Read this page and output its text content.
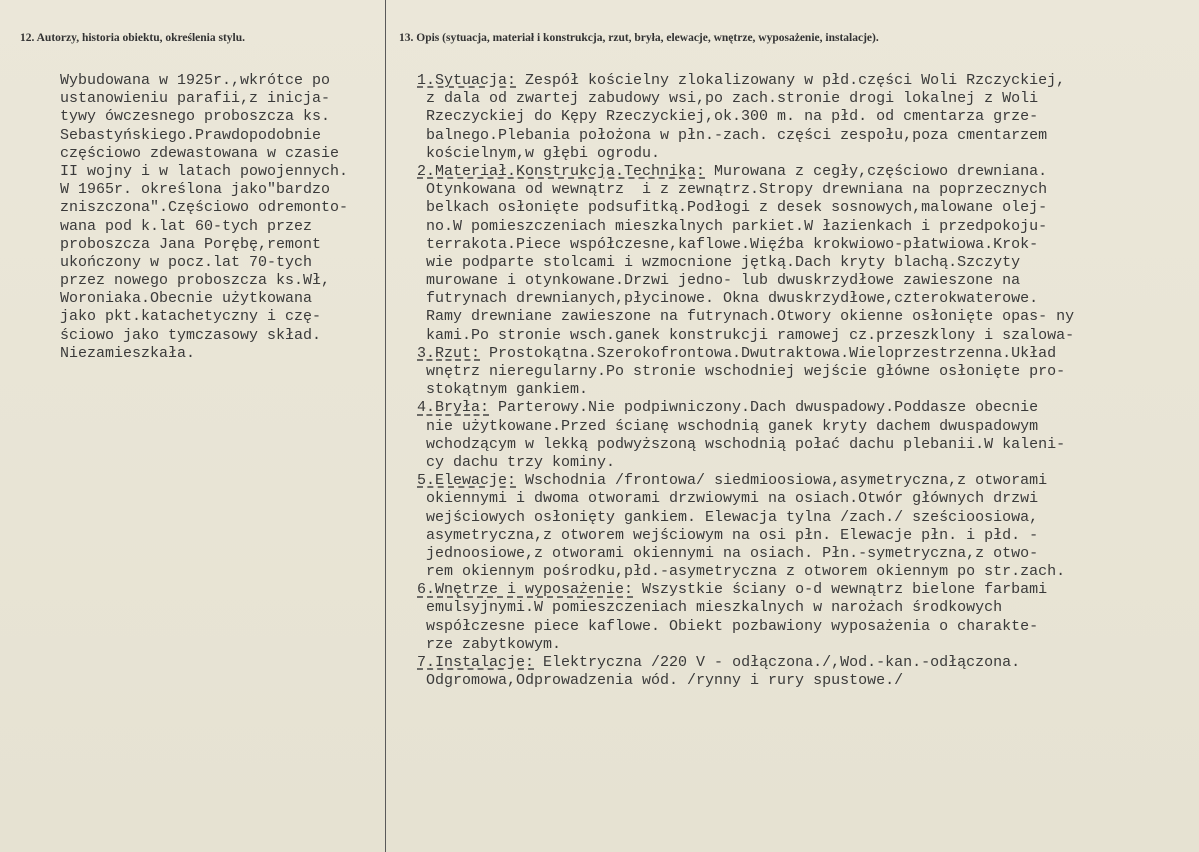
12. Autorzy, historia obiektu, określenia stylu.	13. Opis (sytuacja, materiał i konstrukcja, rzut, bryła, elewacje, wnętrze, wyposażenie, instalacje).
Wybudowana w 1925r.,wkrótce po
ustanowieniu parafii,z inicja-
tywy ówczesnego proboszcza ks.
Sebastyńskiego.Prawdopodobnie
częściowo zdewastowana w czasie
II wojny i w latach powojennych.
W 1965r. określona jako"bardzo
zniszczona".Częściowo odremonto-
wana pod k.lat 60-tych przez
proboszcza Jana Porębę,remont
ukończony w pocz.lat 70-tych
przez nowego proboszcza ks.Wł,
Woroniaka.Obecnie użytkowana
jako pkt.katachetyczny i czę-
ściowo jako tymczasowy skład.
Niezamieszkała.
1.Sytuacja: Zespół kościelny zlokalizowany w płd.części Woli Rzczyckiej,
z dala od zwartej zabudowy wsi,po zach.stronie drogi lokalnej z Woli
Rzeczyckiej do Kępy Rzeczyckiej,ok.300 m. na płd. od cmentarza grze-
balnego.Plebania położona w płn.-zach. części zespołu,poza cmentarzem
kościelnym,w głębi ogrodu.
2.Materiał.Konstrukcja.Technika: Murowana z cegły,częściowo drewniana.
Otynkowana od wewnątrz  i z zewnątrz.Stropy drewniana na poprzecznych
belkach osłonięte podsufitką.Podłogi z desek sosnowych,malowane olej-
no.W pomieszczeniach mieszkalnych parkiet.W łazienkach i przedpokoju-
terrakota.Piece współczesne,kaflowe.Więźba krokwiowo-płatwiowa.Krok-
wie podparte stolcami i wzmocnione jętką.Dach kryty blachą.Szczyty
murowane i otynkowane.Drzwi jedno- lub dwuskrzydłowe zawieszone na
futrynach drewnianych,płycinowe. Okna dwuskrzydłowe,czterokwaterowe.
Ramy drewniane zawieszone na futrynach.Otwory okienne osłonięte opas- ny
kami.Po stronie wsch.ganek konstrukcji ramowej cz.przeszklony i szalowa-
3.Rzut: Prostokątna.Szerokofrontowa.Dwutraktowa.Wieloprzestrzenna.Układ
wnętrz nieregularny.Po stronie wschodniej wejście główne osłonięte pro-
stokątnym gankiem.
4.Bryła: Parterowy.Nie podpiwniczony.Dach dwuspadowy.Poddasze obecnie
nie użytkowane.Przed ścianę wschodnią ganek kryty dachem dwuspadowym
wchodzącym w lekką podwyższoną wschodnią połać dachu plebanii.W kaleni-
cy dachu trzy kominy.
5.Elewacje: Wschodnia /frontowa/ siedmioosiowa,asymetryczna,z otworami
okiennymi i dwoma otworami drzwiowymi na osiach.Otwór głównych drzwi
wejściowych osłonięty gankiem. Elewacja tylna /zach./ sześcioosiowa,
asymetryczna,z otworem wejściowym na osi płn. Elewacje płn. i płd. -
jednoosiowe,z otworami okiennymi na osiach. Płn.-symetryczna,z otwo-
rem okiennym pośrodku,płd.-asymetryczna z otworem okiennym po str.zach.
6.Wnętrze i wyposażenie: Wszystkie ściany o-d wewnątrz bielone farbami
emulsyjnymi.W pomieszczeniach mieszkalnych w narożach środkowych
współczesne piece kaflowe. Obiekt pozbawiony wyposażenia o charakte-
rze zabytkowym.
7.Instalacje: Elektryczna /220 V - odłączona./,Wod.-kan.-odłączona.
Odgromowa,Odprowadzenia wód. /rynny i rury spustowe./
